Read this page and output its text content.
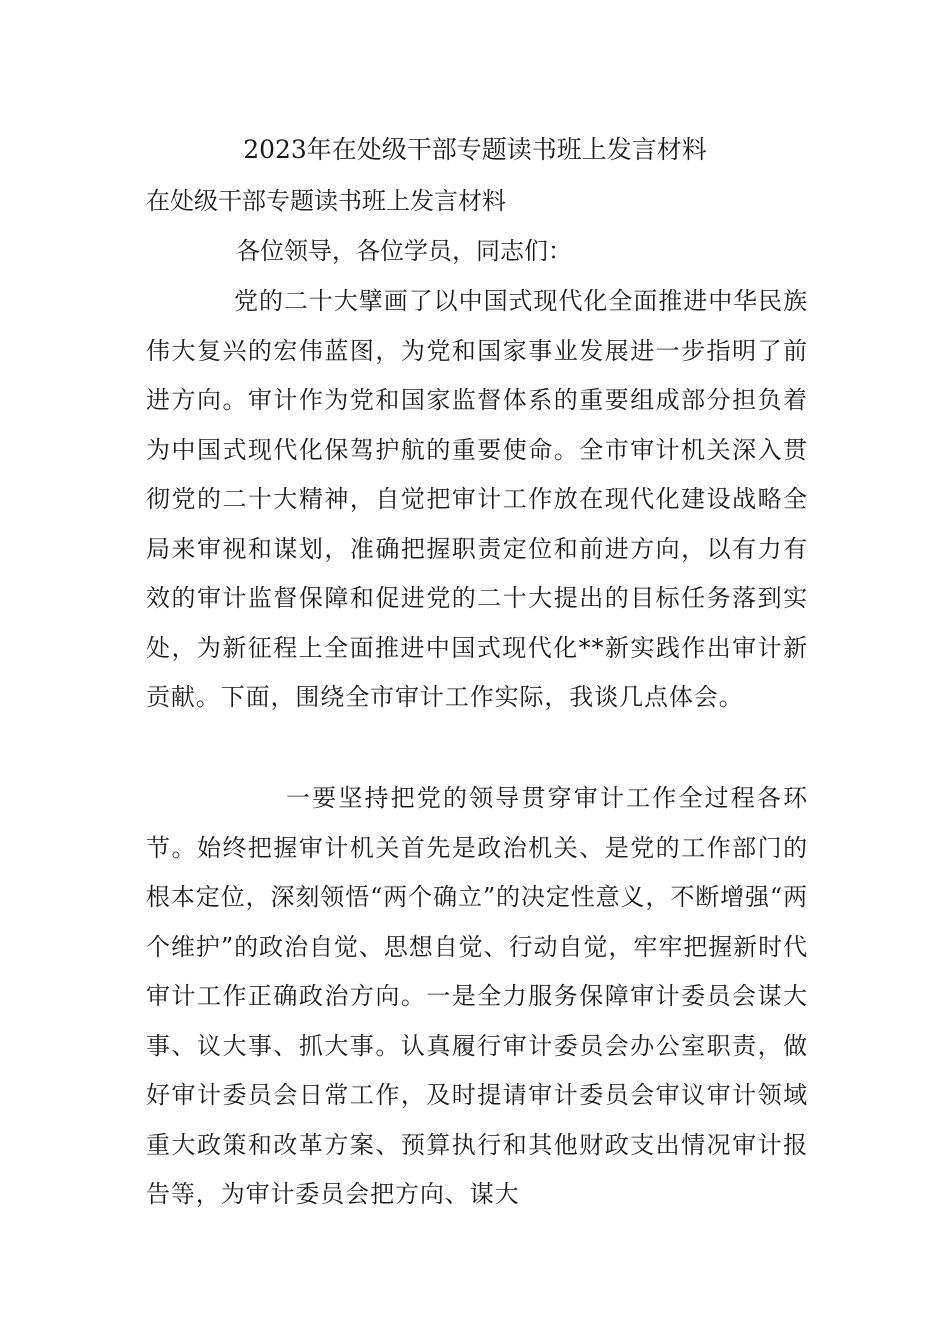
2023年在处级干部专题读书班上发言材料
在处级干部专题读书班上发言材料
各位领导，各位学员，同志们：

党的二十大擘画了以中国式现代化全面推进中华民族伟大复兴的宏伟蓝图，为党和国家事业发展进一步指明了前进方向。审计作为党和国家监督体系的重要组成部分担负着为中国式现代化保驾护航的重要使命。全市审计机关深入贯彻党的二十大精神，自觉把审计工作放在现代化建设战略全局来审视和谋划，准确把握职责定位和前进方向，以有力有效的审计监督保障和促进党的二十大提出的目标任务落到实处，为新征程上全面推进中国式现代化**新实践作出审计新贡献。下面，围绕全市审计工作实际，我谈几点体会。

一要坚持把党的领导贯穿审计工作全过程各环节。始终把握审计机关首先是政治机关、是党的工作部门的根本定位，深刻领悟“两个确立”的决定性意义，不断增强“两个维护”的政治自觉、思想自觉、行动自觉，牢牢把握新时代审计工作正确政治方向。一是全力服务保障审计委员会谋大事、议大事、抓大事。认真履行审计委员会办公室职责，做好审计委员会日常工作，及时提请审计委员会审议审计领域重大政策和改革方案、预算执行和其他财政支出情况审计报告等，为审计委员会把方向、谋大
